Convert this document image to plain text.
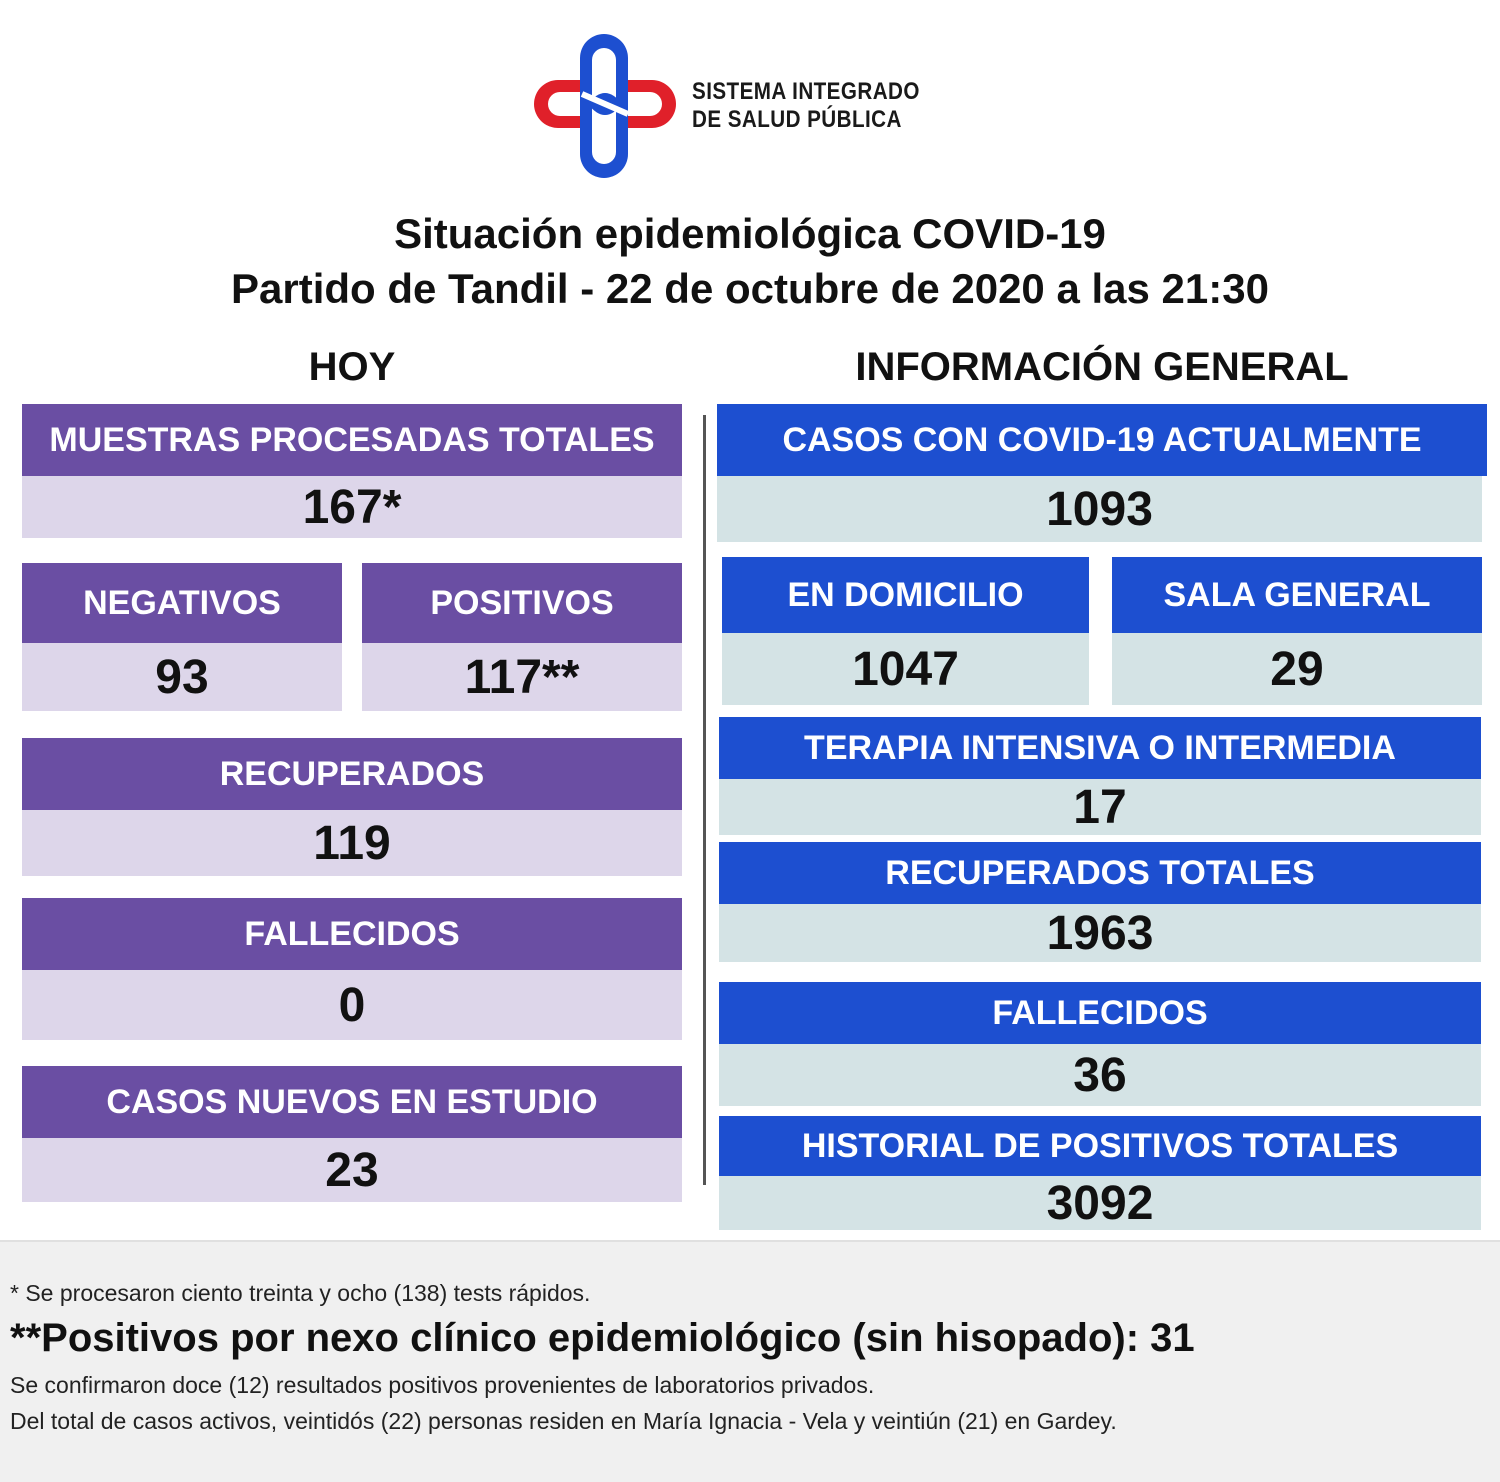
SISTEMA INTEGRADO
DE SALUD PÚBLICA
Situación epidemiológica COVID-19
Partido de Tandil - 22 de octubre de 2020 a las 21:30
HOY	INFORMACIÓN GENERAL
MUESTRAS PROCESADAS TOTALES
167*
NEGATIVOS
93
POSITIVOS
117**
RECUPERADOS
119
FALLECIDOS
0
CASOS NUEVOS EN ESTUDIO
23
CASOS CON COVID-19 ACTUALMENTE
1093
EN DOMICILIO
1047
SALA GENERAL
29
TERAPIA INTENSIVA O INTERMEDIA
17
RECUPERADOS TOTALES
1963
FALLECIDOS
36
HISTORIAL DE POSITIVOS TOTALES
3092
* Se procesaron ciento treinta y ocho (138) tests rápidos.
**Positivos por nexo clínico epidemiológico (sin hisopado): 31
Se confirmaron doce (12) resultados positivos provenientes de laboratorios privados.
Del total de casos activos, veintidós (22) personas residen en María Ignacia - Vela y veintiún (21) en Gardey.
